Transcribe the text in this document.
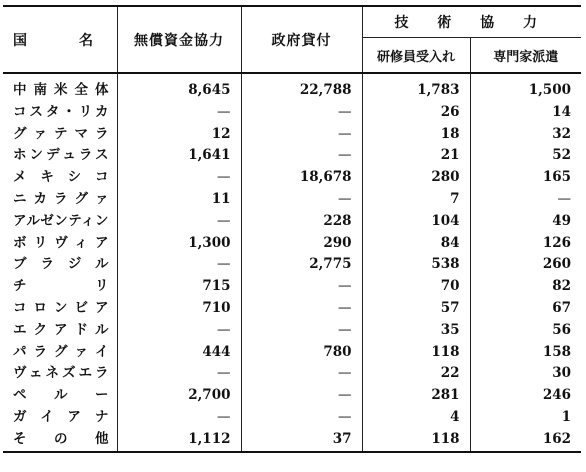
国 名	無償資金協力	政府貸付	技 術 協 力	
			研修員受入れ	専門家派遣
中南米全体	8,645	22,788	1,783	1,500
コスタ・リカ	—	—	26	14
グァテマラ	12	—	18	32
ホンデュラス	1,641	—	21	52
メキシコ	—	18,678	280	165
ニカラグァ	11	—	7	—
アルゼンティン	—	228	104	49
ボリヴィア	1,300	290	84	126
ブラジル	—	2,775	538	260
チリ	715	—	70	82
コロンビア	710	—	57	67
エクアドル	—	—	35	56
パラグァイ	444	780	118	158
ヴェネズエラ	—	—	22	30
ペルー	2,700	—	281	246
ガイアナ	—	—	4	1
その他	1,112	37	118	162
